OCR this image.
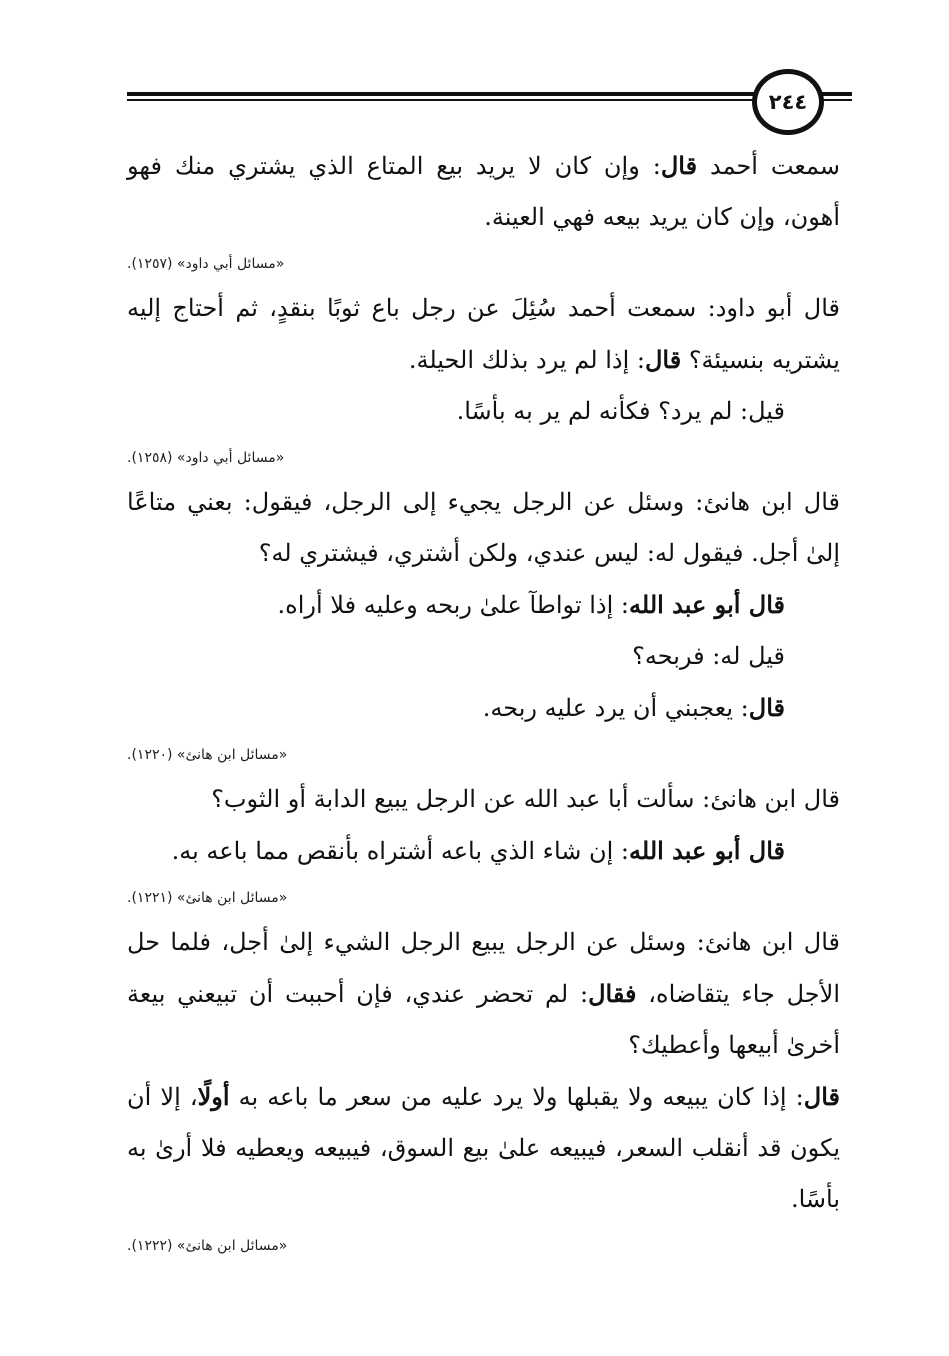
٢٤٤

سمعت أحمد قال: وإن كان لا يريد بيع المتاع الذي يشتري منك فهو أهون، وإن كان يريد بيعه فهي العينة.

«مسائل أبي داود» (١٢٥٧).

قال أبو داود: سمعت أحمد سُئِلَ عن رجل باع ثوبًا بنقدٍ، ثم أحتاج إليه يشتريه بنسيئة؟ قال: إذا لم يرد بذلك الحيلة.

قيل: لم يرد؟ فكأنه لم ير به بأسًا.

«مسائل أبي داود» (١٢٥٨).

قال ابن هانئ: وسئل عن الرجل يجيء إلى الرجل، فيقول: بعني متاعًا إلىٰ أجل. فيقول له: ليس عندي، ولكن أشتري، فيشتري له؟

قال أبو عبد الله: إذا تواطآ علىٰ ربحه وعليه فلا أراه.

قيل له: فربحه؟

قال: يعجبني أن يرد عليه ربحه.

«مسائل ابن هانئ» (١٢٢٠).

قال ابن هانئ: سألت أبا عبد الله عن الرجل يبيع الدابة أو الثوب؟

قال أبو عبد الله: إن شاء الذي باعه أشتراه بأنقص مما باعه به.

«مسائل ابن هانئ» (١٢٢١).

قال ابن هانئ: وسئل عن الرجل يبيع الرجل الشيء إلىٰ أجل، فلما حل الأجل جاء يتقاضاه، فقال: لم تحضر عندي، فإن أحببت أن تبيعني بيعة أخرىٰ أبيعها وأعطيك؟

قال: إذا كان يبيعه ولا يقبلها ولا يرد عليه من سعر ما باعه به أولًا، إلا أن يكون قد أنقلب السعر، فيبيعه علىٰ بيع السوق، فيبيعه ويعطيه فلا أرىٰ به بأسًا.

«مسائل ابن هانئ» (١٢٢٢).
